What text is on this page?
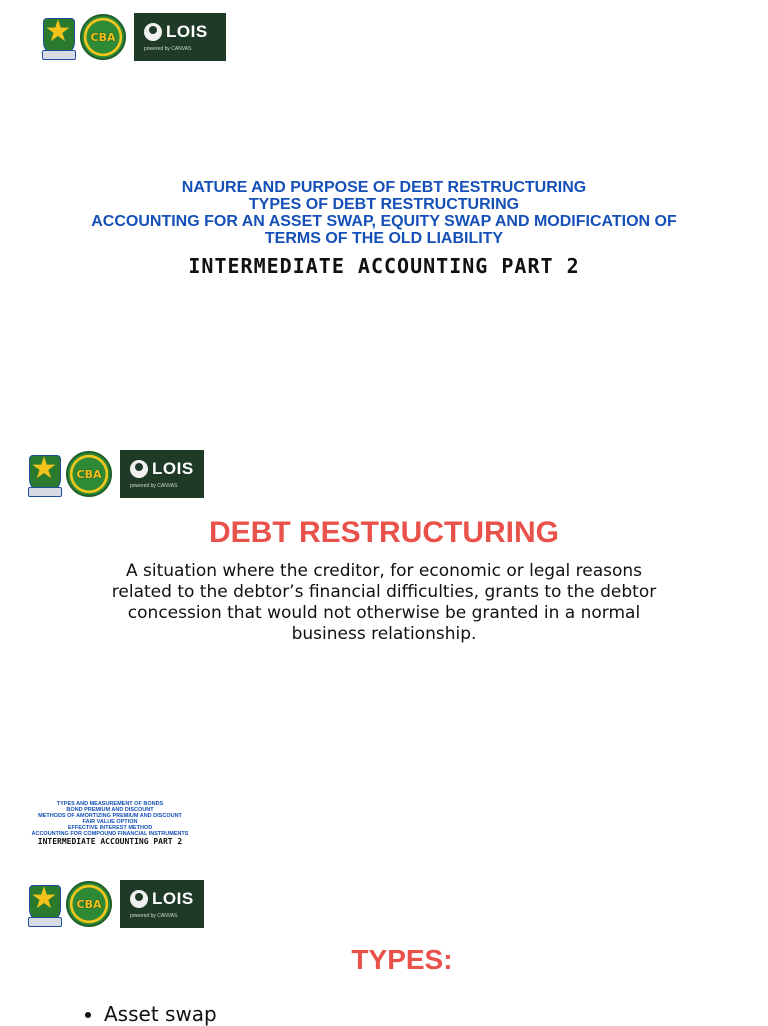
★	CBA	LOIS
powered by CANVAS
NATURE AND PURPOSE OF DEBT RESTRUCTURING
TYPES OF DEBT RESTRUCTURING
ACCOUNTING FOR AN ASSET SWAP, EQUITY SWAP AND MODIFICATION OF
TERMS OF THE OLD LIABILITY
INTERMEDIATE ACCOUNTING PART 2
★	CBA	LOIS
powered by CANVAS
DEBT RESTRUCTURING
A situation where the creditor, for economic or legal reasons
related to the debtor’s financial difficulties, grants to the debtor
concession that would not otherwise be granted in a normal
business relationship.
TYPES AND MEASUREMENT OF BONDS
BOND PREMIUM AND DISCOUNT
METHODS OF AMORTIZING PREMIUM AND DISCOUNT
FAIR VALUE OPTION
EFFECTIVE INTEREST METHOD
ACCOUNTING FOR COMPOUND FINANCIAL INSTRUMENTS
INTERMEDIATE ACCOUNTING PART 2
★	CBA	LOIS
powered by CANVAS
TYPES:
• Asset swap
